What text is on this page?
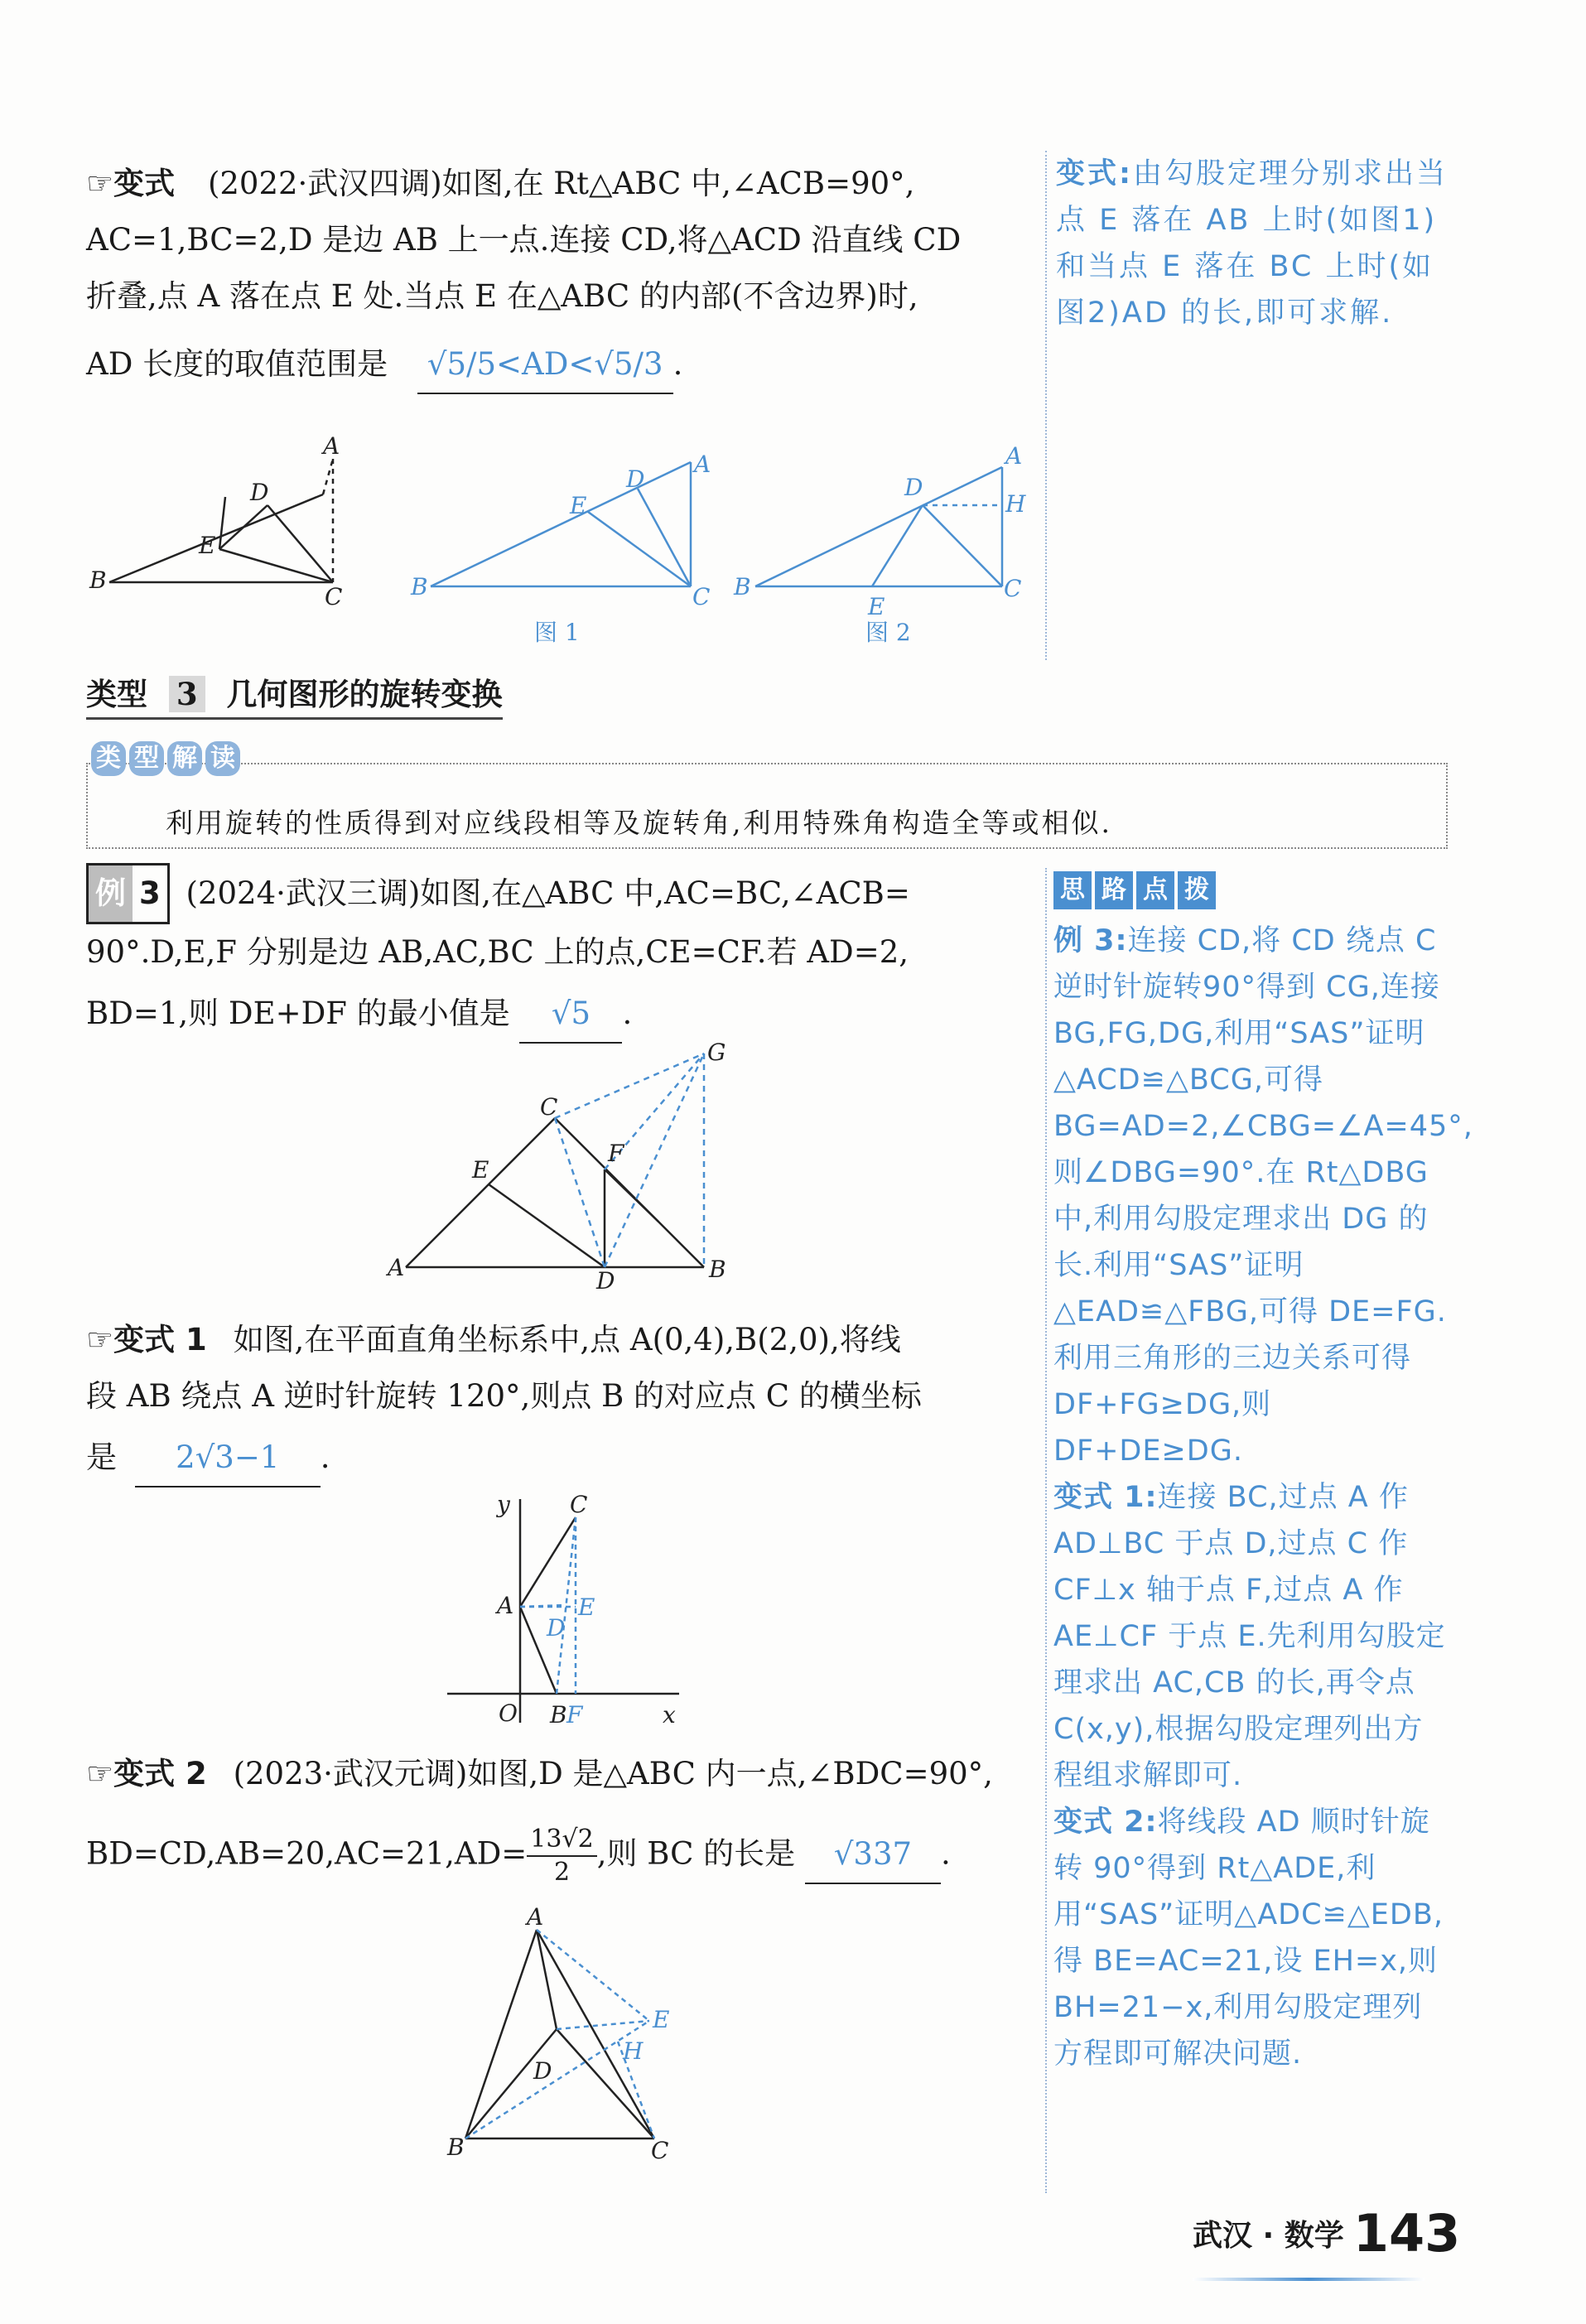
☞变式 (2022·武汉四调)如图,在 Rt△ABC 中,∠ACB=90°,
AC=1,BC=2,D 是边 AB 上一点.连接 CD,将△ACD 沿直线 CD
折叠,点 A 落在点 E 处.当点 E 在△ABC 的内部(不含边界)时,
AD 长度的取值范围是 √5/5<AD<√5/3 .
B
C
A
D
E
B	C
A
D
E
图 1
B	C
A
D
H
E
图 2
变式:由勾股定理分别求出当点 E 落在 AB 上时(如图1)和当点 E 落在 BC 上时(如图2)AD 的长,即可求解.
类型 3 几何图形的旋转变换
类 型 解 读
利用旋转的性质得到对应线段相等及旋转角,利用特殊角构造全等或相似.
例 3 (2024·武汉三调)如图,在△ABC 中,AC=BC,∠ACB=
90°.D,E,F 分别是边 AB,AC,BC 上的点,CE=CF.若 AD=2,
BD=1,则 DE+DF 的最小值是 √5 .
A	B
C
D
E
F
G
☞变式 1 如图,在平面直角坐标系中,点 A(0,4),B(2,0),将线
段 AB 绕点 A 逆时针旋转 120°,则点 B 的对应点 C 的横坐标
是 2√3−1 .
y	C
A
O B	x
E
D
F
☞变式 2 (2023·武汉元调)如图,D 是△ABC 内一点,∠BDC=90°,
$BD=CD,AB=20,AC=21,AD= \frac{13√2}{2}$ ,则 BC 的长是 √337 .
A
B	C
D
E
H
思 路 点 拨
例 3:连接 CD,将 CD 绕点 C 逆时针旋转90°得到 CG,连接 BG,FG,DG,利用“SAS”证明△ACD≌△BCG,可得 BG=AD=2,∠CBG=∠A=45°,则∠DBG=90°.在 Rt△DBG 中,利用勾股定理求出 DG 的长.利用“SAS”证明△EAD≌△FBG,可得 DE=FG.利用三角形的三边关系可得 DF+FG≥DG,则 DF+DE≥DG.
变式 1:连接 BC,过点 A 作 AD⊥BC 于点 D,过点 C 作 CF⊥x 轴于点 F,过点 A 作 AE⊥CF 于点 E.先利用勾股定理求出 AC,CB 的长,再令点 C(x,y),根据勾股定理列出方程组求解即可.
变式 2:将线段 AD 顺时针旋转 90°得到 Rt△ADE,利用“SAS”证明△ADC≌△EDB,得 BE=AC=21,设 EH=x,则 BH=21−x,利用勾股定理列方程即可解决问题.
武汉 · 数学 143
